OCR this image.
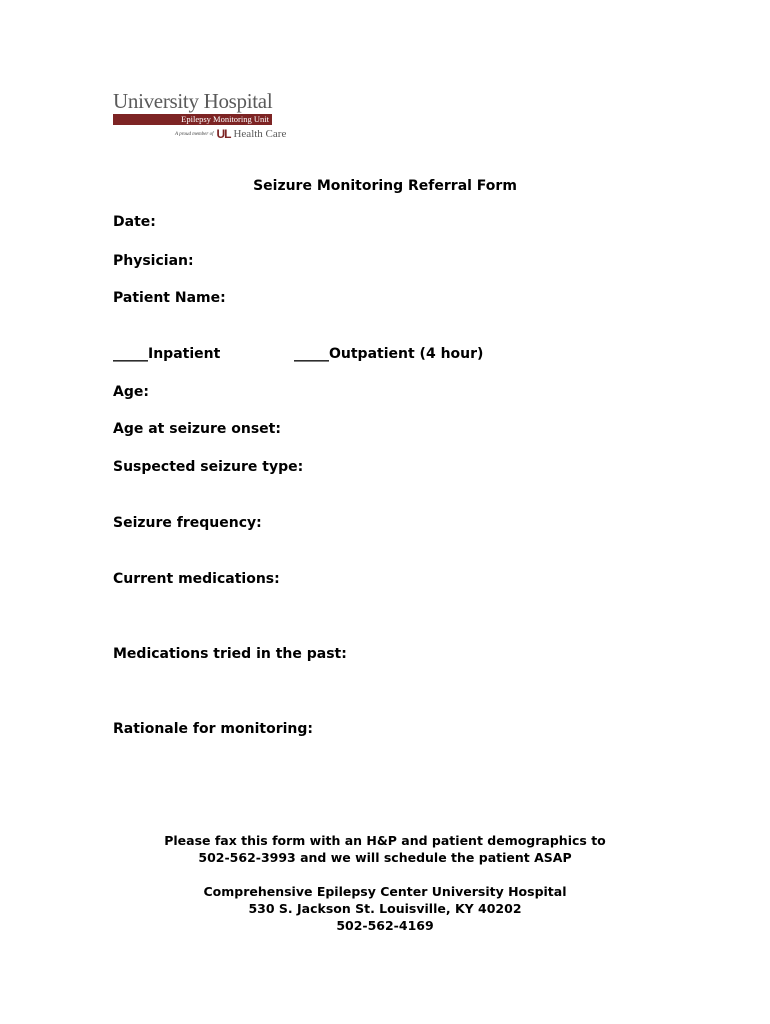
University Hospital
Epilepsy Monitoring Unit
A proud member of UL Health Care
Seizure Monitoring Referral Form
Date:
Physician:
Patient Name:
_____Inpatient	_____Outpatient (4 hour)
Age:
Age at seizure onset:
Suspected seizure type:
Seizure frequency:
Current medications:
Medications tried in the past:
Rationale for monitoring:
Please fax this form with an H&P and patient demographics to
502-562-3993 and we will schedule the patient ASAP
Comprehensive Epilepsy Center University Hospital
530 S. Jackson St. Louisville, KY 40202
502-562-4169
